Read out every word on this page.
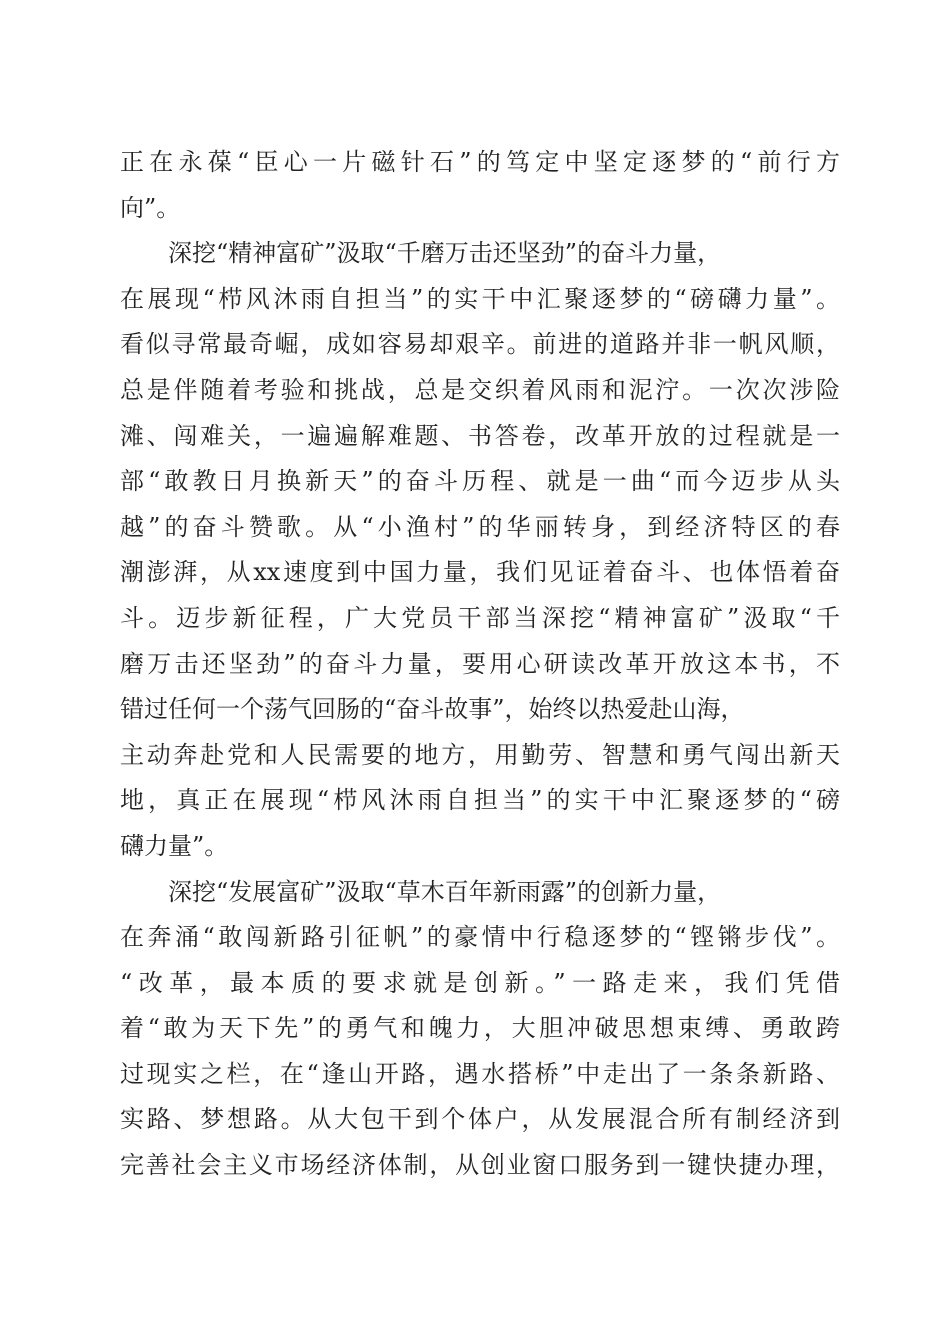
正在永葆“臣心一片磁针石”的笃定中坚定逐梦的“前行方
向”。
深挖“精神富矿”汲取“千磨万击还坚劲”的奋斗力量，
在展现“栉风沐雨自担当”的实干中汇聚逐梦的“磅礴力量”。
看似寻常最奇崛，成如容易却艰辛。前进的道路并非一帆风顺，
总是伴随着考验和挑战，总是交织着风雨和泥泞。一次次涉险
滩、闯难关，一遍遍解难题、书答卷，改革开放的过程就是一
部“敢教日月换新天”的奋斗历程、就是一曲“而今迈步从头
越”的奋斗赞歌。从“小渔村”的华丽转身，到经济特区的春
潮澎湃，从xx速度到中国力量，我们见证着奋斗、也体悟着奋
斗。迈步新征程，广大党员干部当深挖“精神富矿”汲取“千
磨万击还坚劲”的奋斗力量，要用心研读改革开放这本书，不
错过任何一个荡气回肠的“奋斗故事”，始终以热爱赴山海，
主动奔赴党和人民需要的地方，用勤劳、智慧和勇气闯出新天
地，真正在展现“栉风沐雨自担当”的实干中汇聚逐梦的“磅
礴力量”。
深挖“发展富矿”汲取“草木百年新雨露”的创新力量，
在奔涌“敢闯新路引征帆”的豪情中行稳逐梦的“铿锵步伐”。
“改革，最本质的要求就是创新。”一路走来，我们凭借
着“敢为天下先”的勇气和魄力，大胆冲破思想束缚、勇敢跨
过现实之栏，在“逢山开路，遇水搭桥”中走出了一条条新路、
实路、梦想路。从大包干到个体户，从发展混合所有制经济到
完善社会主义市场经济体制，从创业窗口服务到一键快捷办理，
